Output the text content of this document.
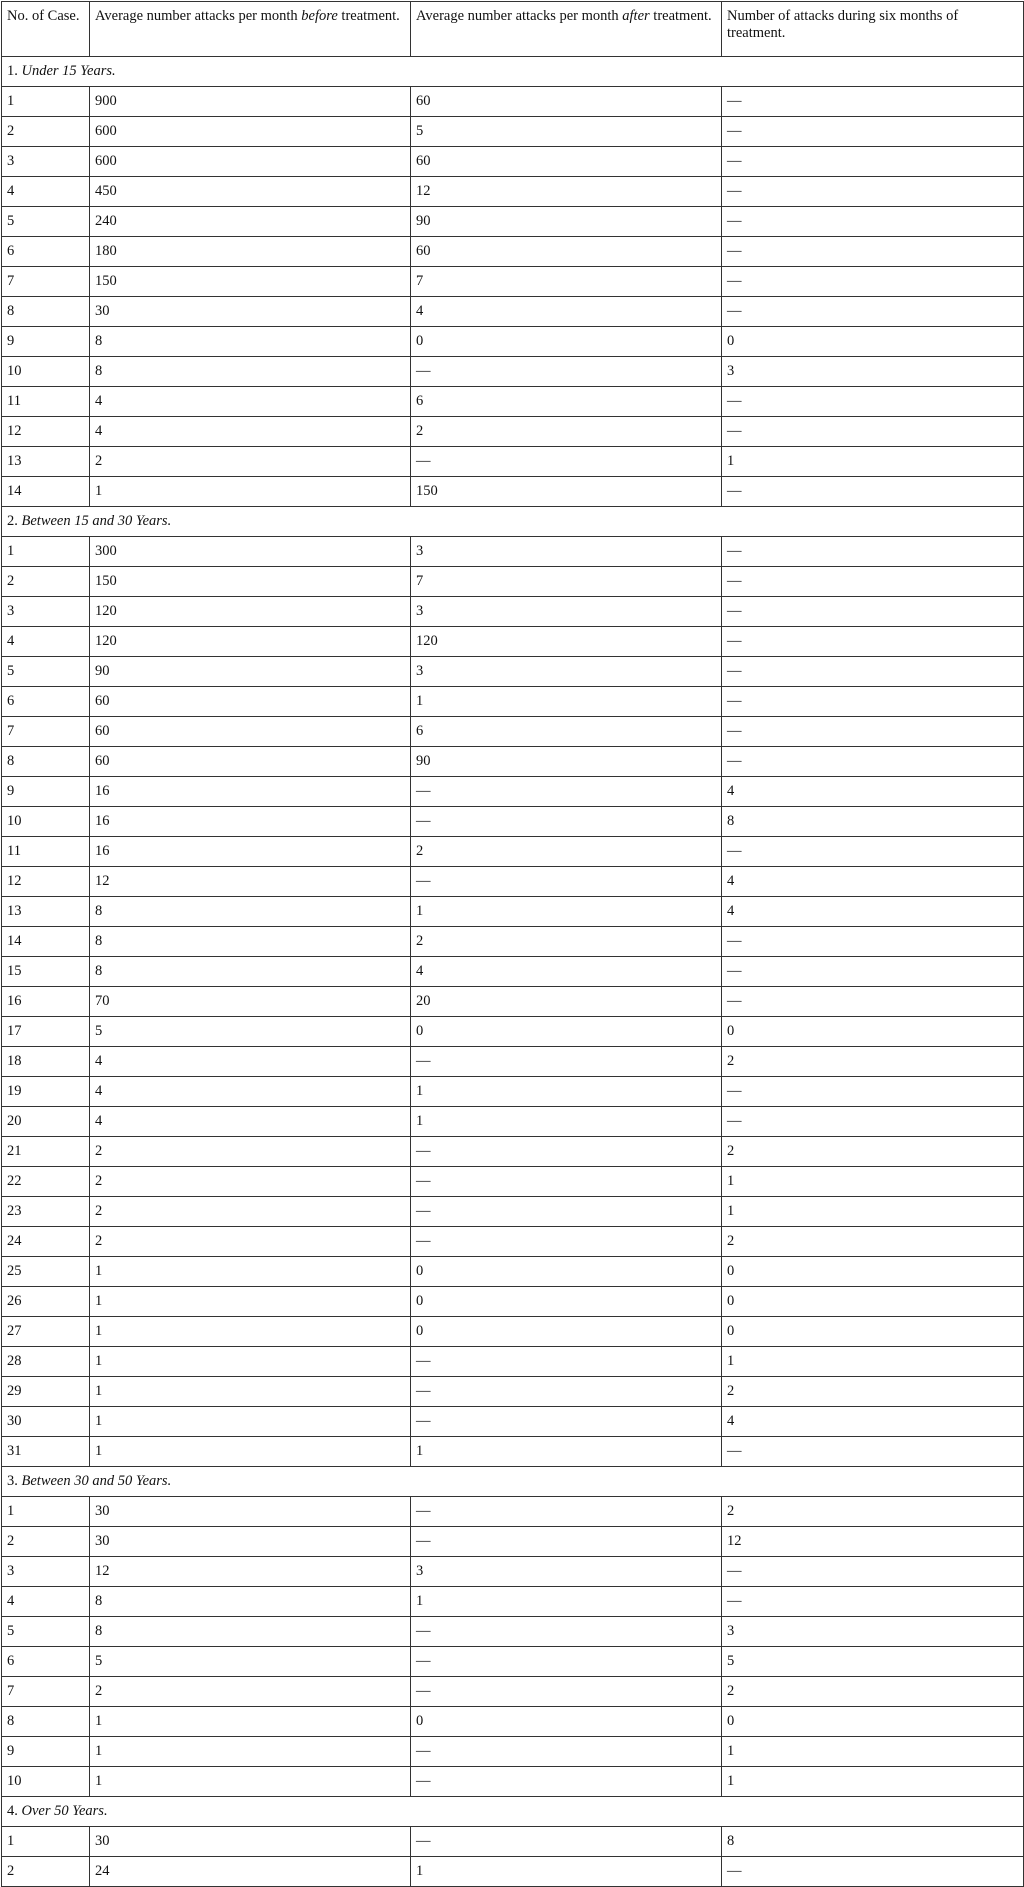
No. of Case.	Average number attacks per month before treatment.	Average number attacks per month after treatment.	Number of attacks during six months of treatment.
1. Under 15 Years.			
1	900	60	—
2	600	5	—
3	600	60	—
4	450	12	—
5	240	90	—
6	180	60	—
7	150	7	—
8	30	4	—
9	8	0	0
10	8	—	3
11	4	6	—
12	4	2	—
13	2	—	1
14	1	150	—
2. Between 15 and 30 Years.			
1	300	3	—
2	150	7	—
3	120	3	—
4	120	120	—
5	90	3	—
6	60	1	—
7	60	6	—
8	60	90	—
9	16	—	4
10	16	—	8
11	16	2	—
12	12	—	4
13	8	1	4
14	8	2	—
15	8	4	—
16	70	20	—
17	5	0	0
18	4	—	2
19	4	1	—
20	4	1	—
21	2	—	2
22	2	—	1
23	2	—	1
24	2	—	2
25	1	0	0
26	1	0	0
27	1	0	0
28	1	—	1
29	1	—	2
30	1	—	4
31	1	1	—
3. Between 30 and 50 Years.			
1	30	—	2
2	30	—	12
3	12	3	—
4	8	1	—
5	8	—	3
6	5	—	5
7	2	—	2
8	1	0	0
9	1	—	1
10	1	—	1
4. Over 50 Years.			
1	30	—	8
2	24	1	—
